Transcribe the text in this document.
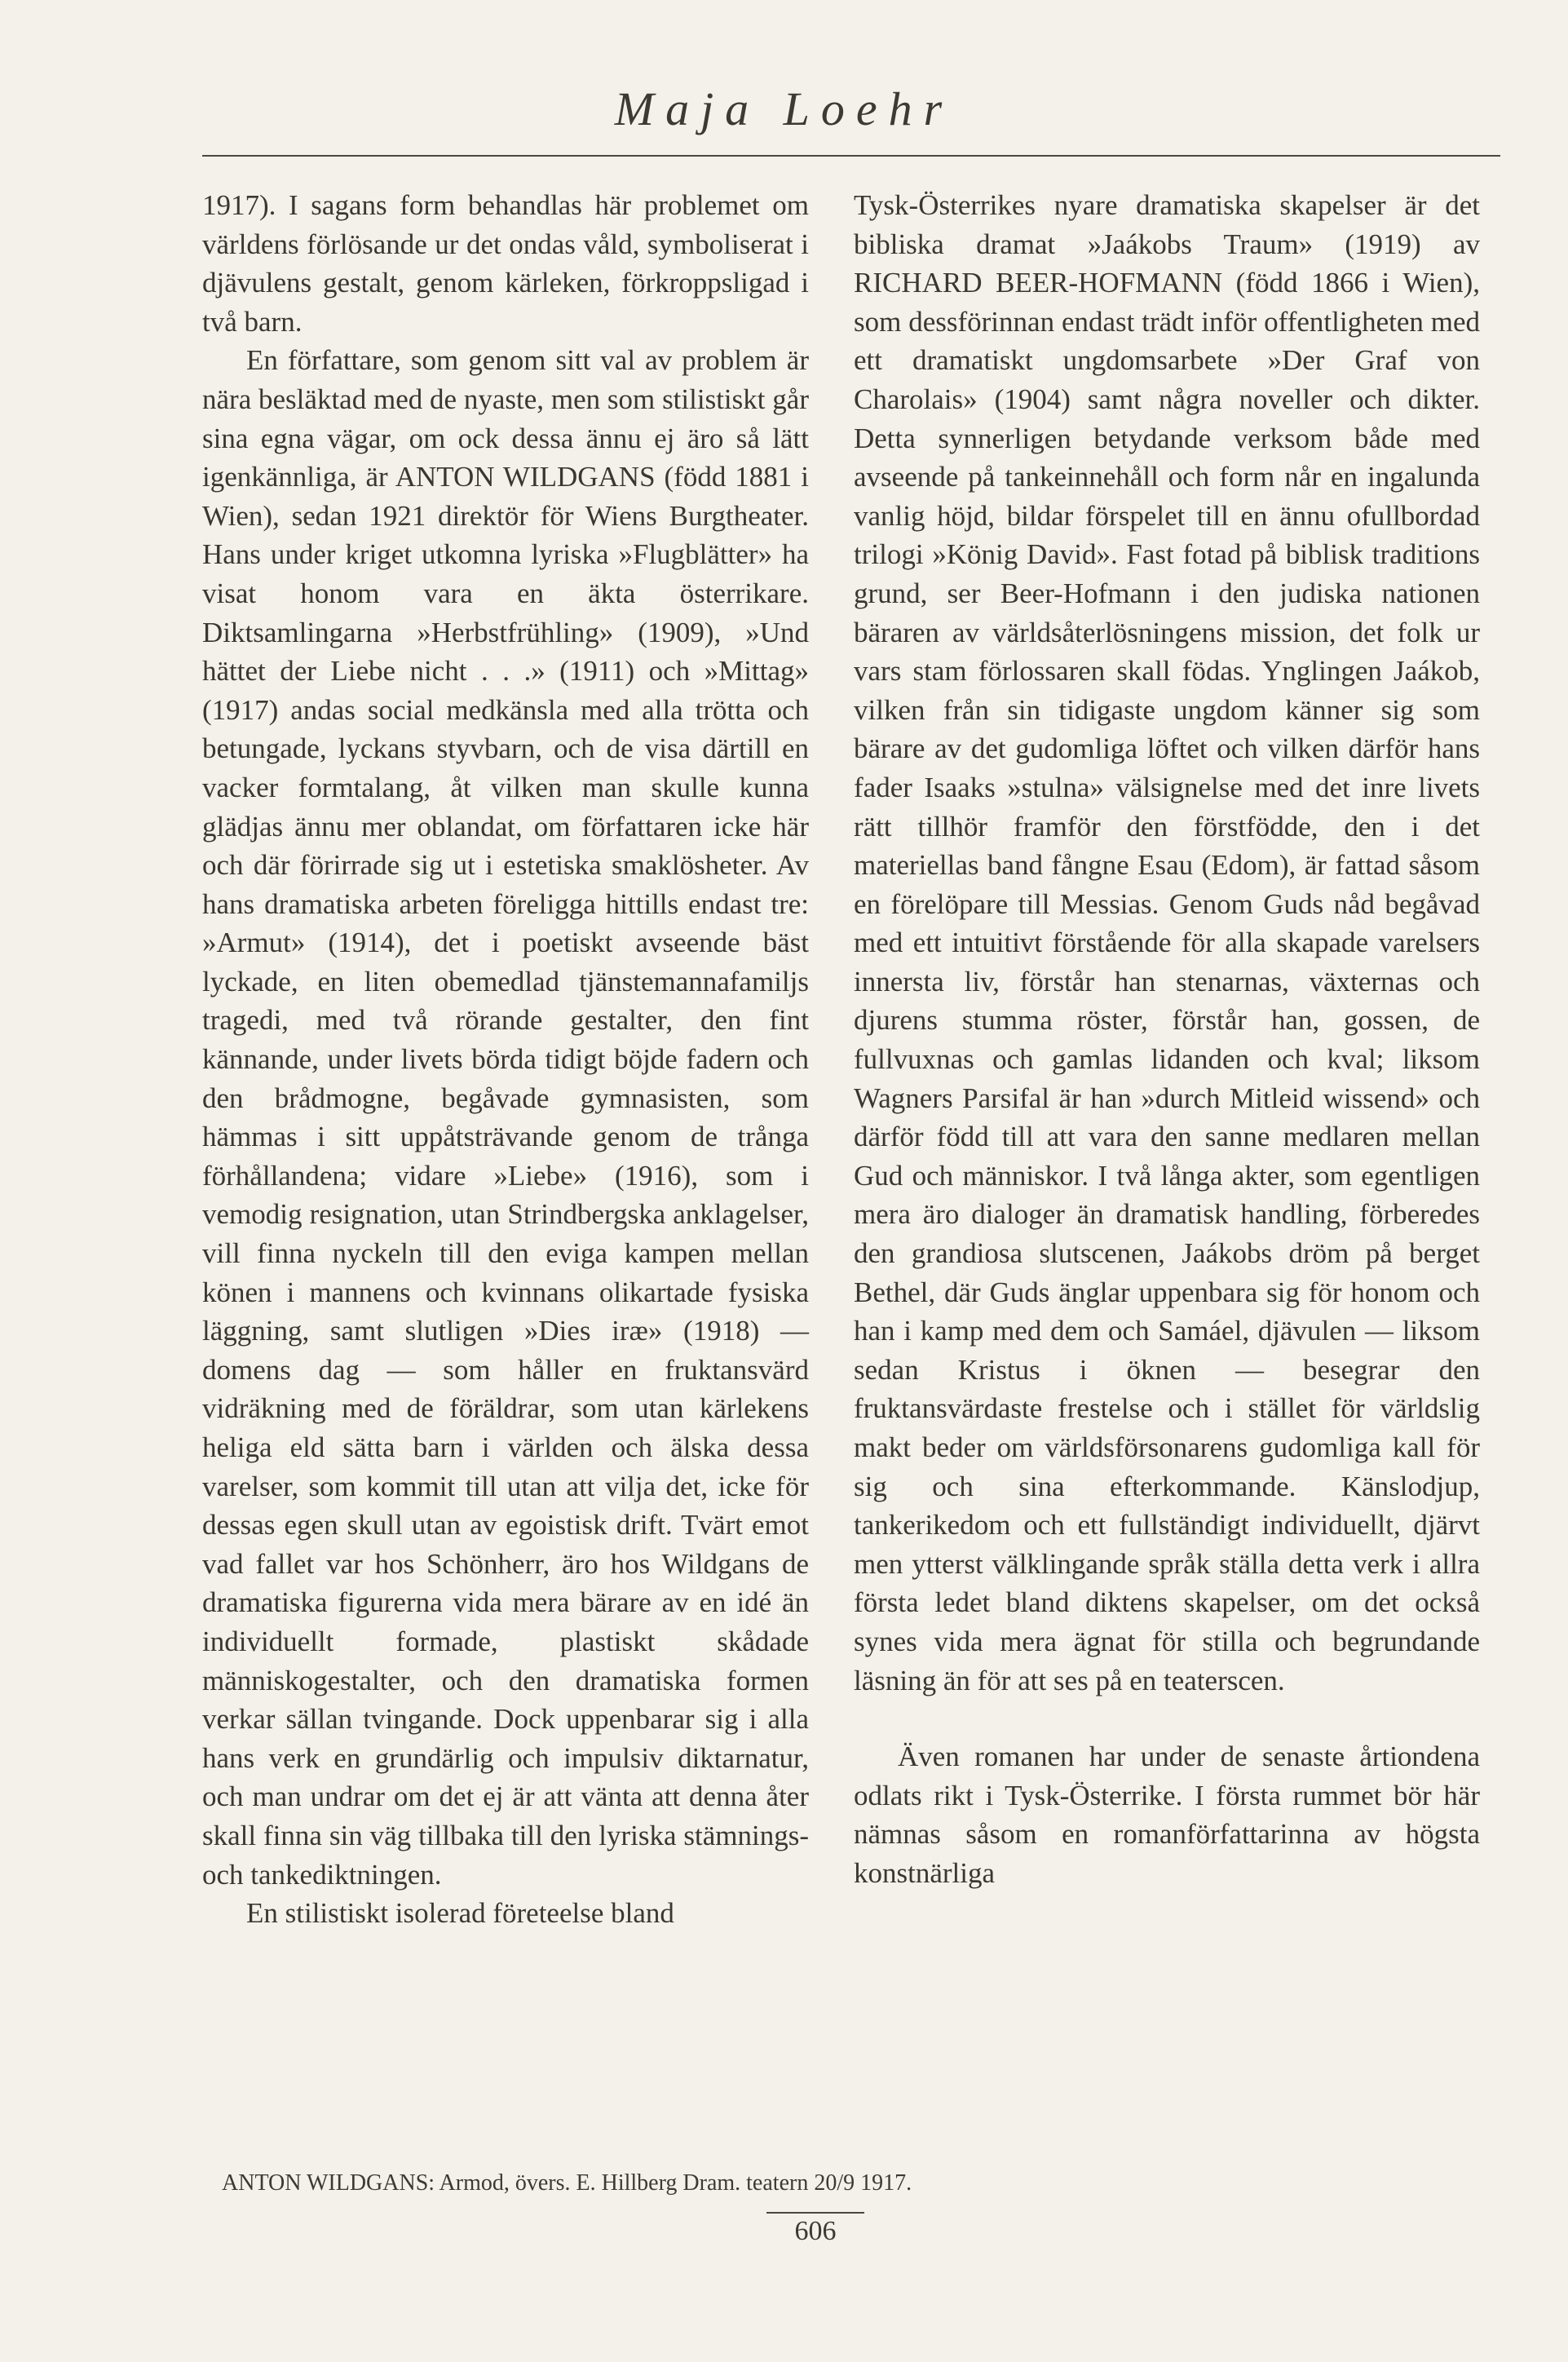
Maja Loehr

1917). I sagans form behandlas här problemet om världens förlösande ur det ondas våld, symboliserat i djävulens gestalt, genom kärleken, förkroppsligad i två barn.

En författare, som genom sitt val av problem är nära besläktad med de nyaste, men som stilistiskt går sina egna vägar, om ock dessa ännu ej äro så lätt igenkännliga, är ANTON WILDGANS (född 1881 i Wien), sedan 1921 direktör för Wiens Burgtheater. Hans under kriget utkomna lyriska »Flugblätter» ha visat honom vara en äkta österrikare. Diktsamlingarna »Herbstfrühling» (1909), »Und hättet der Liebe nicht . . .» (1911) och »Mittag» (1917) andas social medkänsla med alla trötta och betungade, lyckans styvbarn, och de visa därtill en vacker formtalang, åt vilken man skulle kunna glädjas ännu mer oblandat, om författaren icke här och där förirrade sig ut i estetiska smaklösheter. Av hans dramatiska arbeten föreligga hittills endast tre: »Armut» (1914), det i poetiskt avseende bäst lyckade, en liten obemedlad tjänstemannafamiljs tragedi, med två rörande gestalter, den fint kännande, under livets börda tidigt böjde fadern och den brådmogne, begåvade gymnasisten, som hämmas i sitt uppåtsträvande genom de trånga förhållandena; vidare »Liebe» (1916), som i vemodig resignation, utan Strindbergska anklagelser, vill finna nyckeln till den eviga kampen mellan könen i mannens och kvinnans olikartade fysiska läggning, samt slutligen »Dies iræ» (1918) — domens dag — som håller en fruktansvärd vidräkning med de föräldrar, som utan kärlekens heliga eld sätta barn i världen och älska dessa varelser, som kommit till utan att vilja det, icke för dessas egen skull utan av egoistisk drift. Tvärt emot vad fallet var hos Schönherr, äro hos Wildgans de dramatiska figurerna vida mera bärare av en idé än individuellt formade, plastiskt skådade människogestalter, och den dramatiska formen verkar sällan tvingande. Dock uppenbarar sig i alla hans verk en grundärlig och impulsiv diktarnatur, och man undrar om det ej är att vänta att denna åter skall finna sin väg tillbaka till den lyriska stämnings- och tankediktningen.

En stilistiskt isolerad företeelse bland

Tysk-Österrikes nyare dramatiska skapelser är det bibliska dramat »Jaákobs Traum» (1919) av RICHARD BEER-HOFMANN (född 1866 i Wien), som dessförinnan endast trädt inför offentligheten med ett dramatiskt ungdomsarbete »Der Graf von Charolais» (1904) samt några noveller och dikter. Detta synnerligen betydande verksom både med avseende på tankeinnehåll och form når en ingalunda vanlig höjd, bildar förspelet till en ännu ofullbordad trilogi »König David». Fast fotad på biblisk traditions grund, ser Beer-Hofmann i den judiska nationen bäraren av världsåterlösningens mission, det folk ur vars stam förlossaren skall födas. Ynglingen Jaákob, vilken från sin tidigaste ungdom känner sig som bärare av det gudomliga löftet och vilken därför hans fader Isaaks »stulna» välsignelse med det inre livets rätt tillhör framför den förstfödde, den i det materiellas band fångne Esau (Edom), är fattad såsom en förelöpare till Messias. Genom Guds nåd begåvad med ett intuitivt förstående för alla skapade varelsers innersta liv, förstår han stenarnas, växternas och djurens stumma röster, förstår han, gossen, de fullvuxnas och gamlas lidanden och kval; liksom Wagners Parsifal är han »durch Mitleid wissend» och därför född till att vara den sanne medlaren mellan Gud och människor. I två långa akter, som egentligen mera äro dialoger än dramatisk handling, förberedes den grandiosa slutscenen, Jaákobs dröm på berget Bethel, där Guds änglar uppenbara sig för honom och han i kamp med dem och Samáel, djävulen — liksom sedan Kristus i öknen — besegrar den fruktansvärdaste frestelse och i stället för världslig makt beder om världsförsonarens gudomliga kall för sig och sina efterkommande. Känslodjup, tankerikedom och ett fullständigt individuellt, djärvt men ytterst välklingande språk ställa detta verk i allra första ledet bland diktens skapelser, om det också synes vida mera ägnat för stilla och begrundande läsning än för att ses på en teaterscen.

Även romanen har under de senaste årtiondena odlats rikt i Tysk-Österrike. I första rummet bör här nämnas såsom en romanförfattarinna av högsta konstnärliga

ANTON WILDGANS: Armod, övers. E. Hillberg Dram. teatern 20/9 1917.
606
